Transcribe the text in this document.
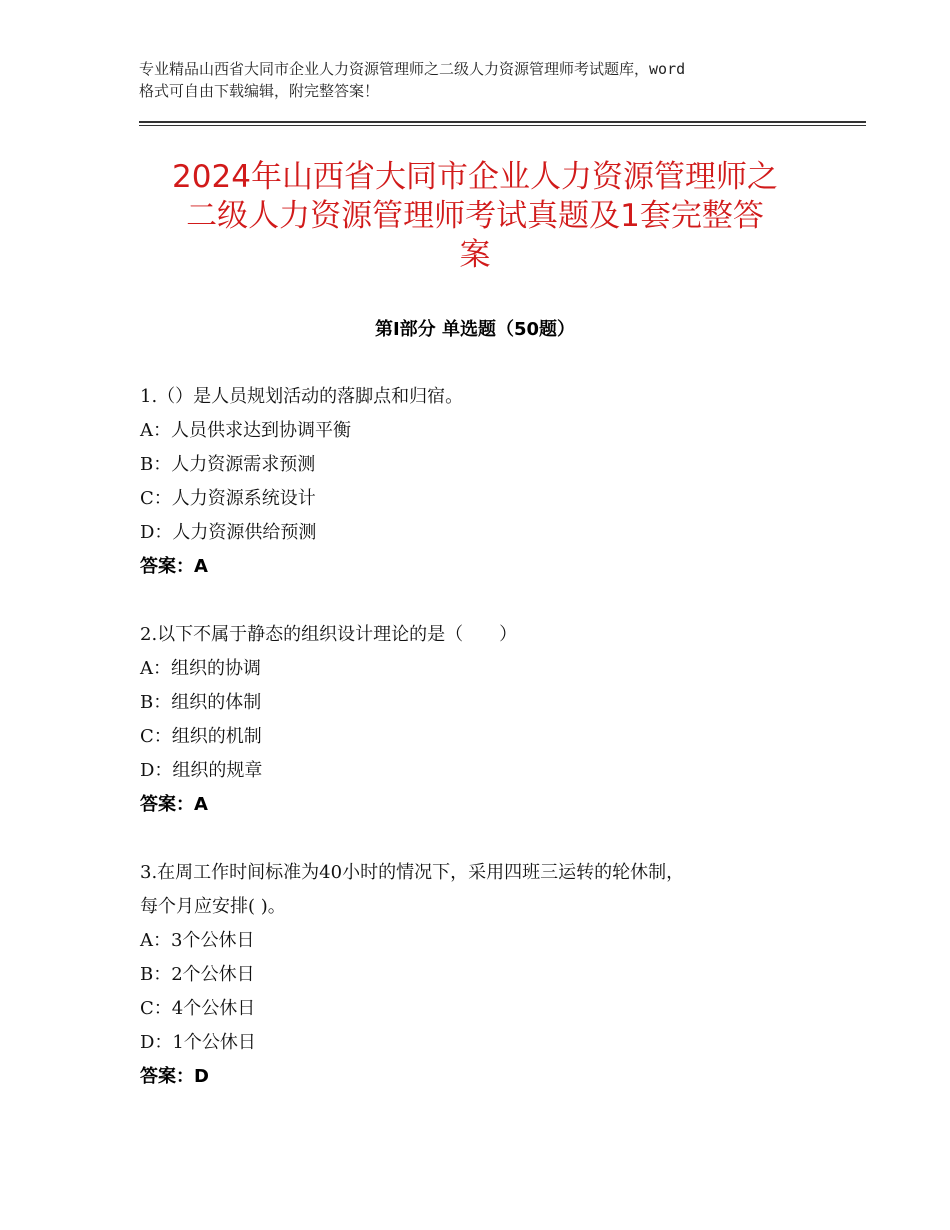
专业精品山西省大同市企业人力资源管理师之二级人力资源管理师考试题库，word
格式可自由下载编辑，附完整答案！
2024年山西省大同市企业人力资源管理师之
二级人力资源管理师考试真题及1套完整答
案
第Ⅰ部分 单选题（50题）
1.（）是人员规划活动的落脚点和归宿。
A：人员供求达到协调平衡
B：人力资源需求预测
C：人力资源系统设计
D：人力资源供给预测
答案：A
2.以下不属于静态的组织设计理论的是（　　）
A：组织的协调
B：组织的体制
C：组织的机制
D：组织的规章
答案：A
3.在周工作时间标准为40小时的情况下，采用四班三运转的轮休制，
每个月应安排( )。
A：3个公休日
B：2个公休日
C：4个公休日
D：1个公休日
答案：D
